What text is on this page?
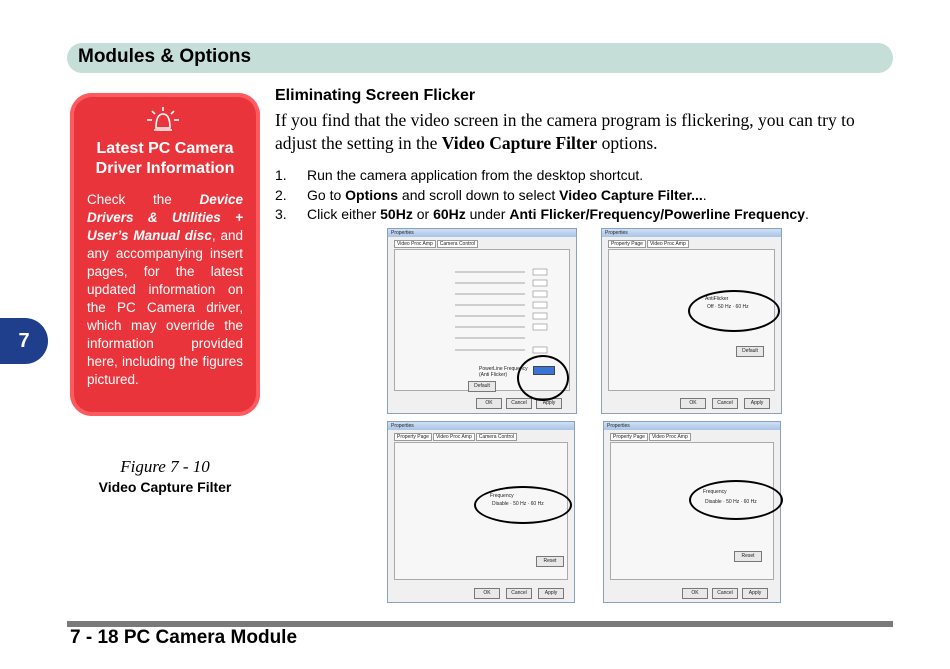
Modules & Options
7
Latest PC Camera Driver Information
Check the Device Drivers & Utilities + User’s Manual disc, and any accompanying insert pages, for the latest updated information on the PC Camera driver, which may override the information provided here, including the figures pictured.
Figure 7 - 10
Video Capture Filter
Eliminating Screen Flicker
If you find that the video screen in the camera program is flickering, you can try to adjust the setting in the Video Capture Filter options.
1. Run the camera application from the desktop shortcut.
2. Go to Options and scroll down to select Video Capture Filter....
3. Click either 50Hz or 60Hz under Anti Flicker/Frequency/Powerline Frequency.
Properties
Video Proc Amp Camera Control
PowerLine Frequency (Anti Flicker)
Default
OK	Cancel	Apply
Properties
Property Page Video Proc Amp
AntiFlicker
Off · 50 Hz · 60 Hz
Default
OK	Cancel	Apply
Properties
Property Page Video Proc Amp Camera Control
Frequency
Disable · 50 Hz · 60 Hz
Reset
OK	Cancel	Apply
Properties
Property Page Video Proc Amp
Frequency
Disable · 50 Hz · 60 Hz
Reset
OK	Cancel	Apply
7 - 18 PC Camera Module
